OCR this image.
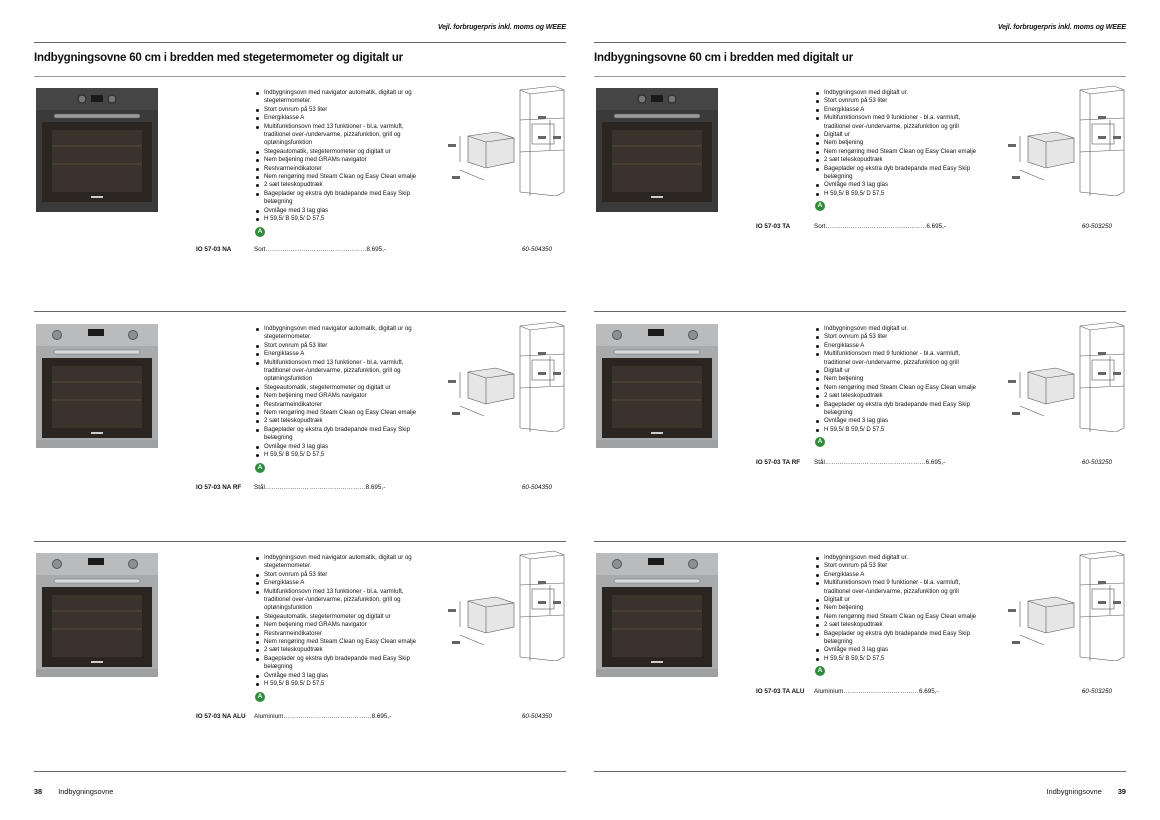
Vejl. forbrugerpris inkl. moms og WEEE
Indbygningsovne 60 cm i bredden med stegetermometer og digitalt ur
Indbygningsovn med navigator automatik, digitalt ur og stegetermometer.
Stort ovnrum på 53 liter
Energiklasse A
Multifunktionsovn med 13 funktioner - bl.a. varmluft, traditionel over-/undervarme, pizzafunktion, grill og optøningsfunktion
Stegeautomatik, stegetermometer og digitalt ur
Nem betjening med GRAMs navigator
Restvarmeindikatorer
Nem rengøring med Steam Clean og Easy Clean emalje
2 sæt teleskopudtræk
Bageplader og ekstra dyb bradepande med Easy Skip belægning
Ovnlåge med 3 lag glas
H 59,5/ B 59,5/ D 57,5
A
IO 57-03 NA	Sort…………………………………………8.695,-	60-504350
Indbygningsovn med navigator automatik, digitalt ur og stegetermometer.
Stort ovnrum på 53 liter
Energiklasse A
Multifunktionsovn med 13 funktioner - bl.a. varmluft, traditionel over-/undervarme, pizzafunktion, grill og optøningsfunktion
Stegeautomatik, stegetermometer og digitalt ur
Nem betjening med GRAMs navigator
Restvarmeindikatorer
Nem rengøring med Steam Clean og Easy Clean emalje
2 sæt teleskopudtræk
Bageplader og ekstra dyb bradepande med Easy Skip belægning
Ovnlåge med 3 lag glas
H 59,5/ B 59,5/ D 57,5
A
IO 57-03 NA RF Stål…………………………………………8.695,-	60-504350
Indbygningsovn med navigator automatik, digitalt ur og stegetermometer.
Stort ovnrum på 53 liter
Energiklasse A
Multifunktionsovn med 13 funktioner - bl.a. varmluft, traditionel over-/undervarme, pizzafunktion, grill og optøningsfunktion
Stegeautomatik, stegetermometer og digitalt ur
Nem betjening med GRAMs navigator
Restvarmeindikatorer
Nem rengøring med Steam Clean og Easy Clean emalje
2 sæt teleskopudtræk
Bageplader og ekstra dyb bradepande med Easy Skip belægning
Ovnlåge med 3 lag glas
H 59,5/ B 59,5/ D 57,5
A
IO 57-03 NA ALU Aluminium……………………………………8.695,-	60-504350
38 Indbygningsovne
Vejl. forbrugerpris inkl. moms og WEEE
Indbygningsovne 60 cm i bredden med digitalt ur
Indbygningsovn med digitalt ur.
Stort ovnrum på 53 liter
Energiklasse A
Multifunktionsovn med 9 funktioner - bl.a. varmluft, traditionel over-/undervarme, pizzafunktion og grill
Digitalt ur
Nem betjening
Nem rengøring med Steam Clean og Easy Clean emalje
2 sæt teleskopudtræk
Bageplader og ekstra dyb bradepande med Easy Skip belægning
Ovnlåge med 3 lag glas
H 59,5/ B 59,5/ D 57,5
A
IO 57-03 TA	Sort…………………………………………6.695,-	60-503250
Indbygningsovn med digitalt ur.
Stort ovnrum på 53 liter
Energiklasse A
Multifunktionsovn med 9 funktioner - bl.a. varmluft, traditionel over-/undervarme, pizzafunktion og grill
Digitalt ur
Nem betjening
Nem rengøring med Steam Clean og Easy Clean emalje
2 sæt teleskopudtræk
Bageplader og ekstra dyb bradepande med Easy Skip belægning
Ovnlåge med 3 lag glas
H 59,5/ B 59,5/ D 57,5
A
IO 57-03 TA RF Stål…………………………………………6.695,-	60-503250
Indbygningsovn med digitalt ur.
Stort ovnrum på 53 liter
Energiklasse A
Multifunktionsovn med 9 funktioner - bl.a. varmluft, traditionel over-/undervarme, pizzafunktion og grill
Digitalt ur
Nem betjening
Nem rengøring med Steam Clean og Easy Clean emalje
2 sæt teleskopudtræk
Bageplader og ekstra dyb bradepande med Easy Skip belægning
Ovnlåge med 3 lag glas
H 59,5/ B 59,5/ D 57,5
A
IO 57-03 TA ALU Aluminium………………………………6.695,-	60-503250
Indbygningsovne 39
